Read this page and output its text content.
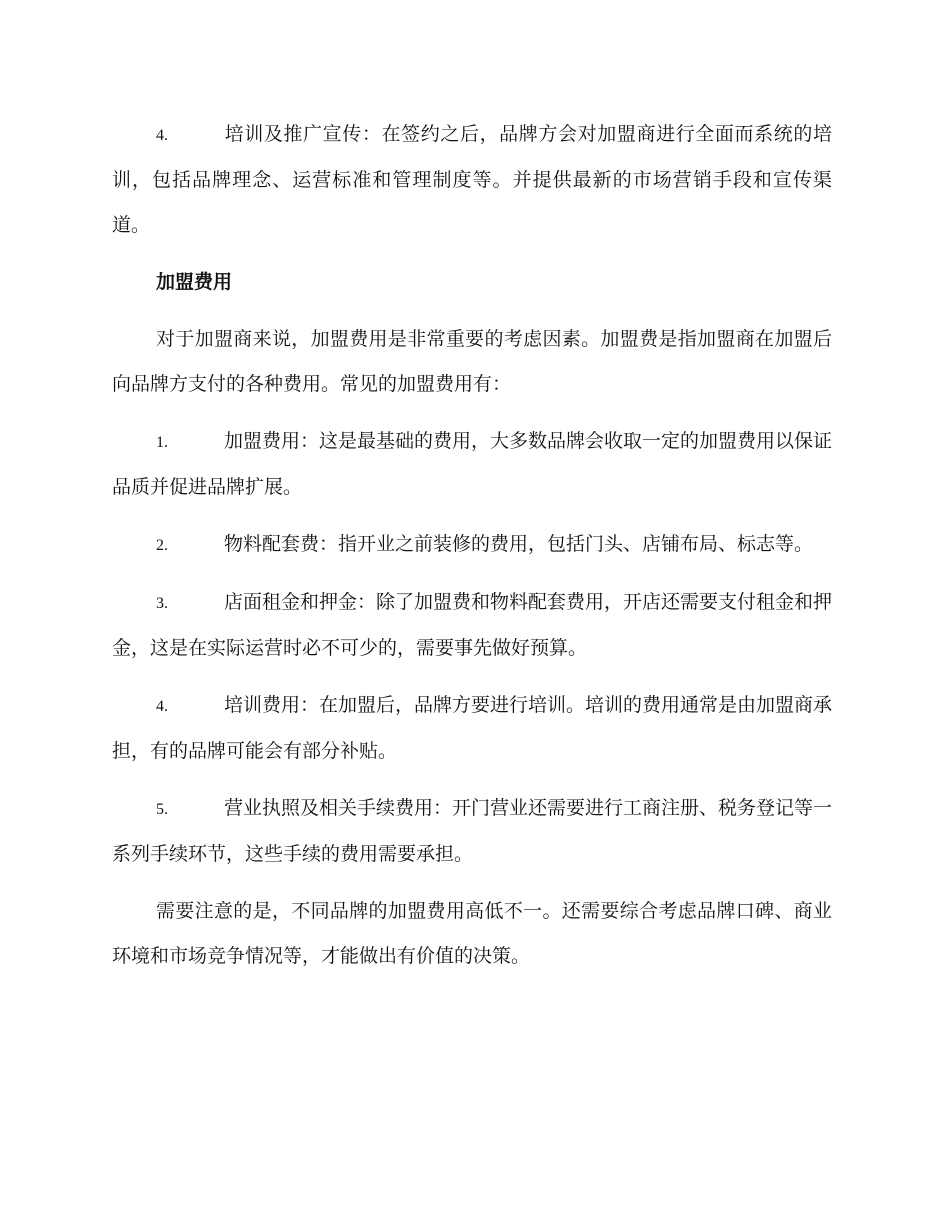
4.	培训及推广宣传：在签约之后，品牌方会对加盟商进行全面而系统的培训，包括品牌理念、运营标准和管理制度等。并提供最新的市场营销手段和宣传渠道。

加盟费用

对于加盟商来说，加盟费用是非常重要的考虑因素。加盟费是指加盟商在加盟后向品牌方支付的各种费用。常见的加盟费用有：

1.	加盟费用：这是最基础的费用，大多数品牌会收取一定的加盟费用以保证品质并促进品牌扩展。

2.	物料配套费：指开业之前装修的费用，包括门头、店铺布局、标志等。

3.	店面租金和押金：除了加盟费和物料配套费用，开店还需要支付租金和押金，这是在实际运营时必不可少的，需要事先做好预算。

4.	培训费用：在加盟后，品牌方要进行培训。培训的费用通常是由加盟商承担，有的品牌可能会有部分补贴。

5.	营业执照及相关手续费用：开门营业还需要进行工商注册、税务登记等一系列手续环节，这些手续的费用需要承担。

需要注意的是，不同品牌的加盟费用高低不一。还需要综合考虑品牌口碑、商业环境和市场竞争情况等，才能做出有价值的决策。
